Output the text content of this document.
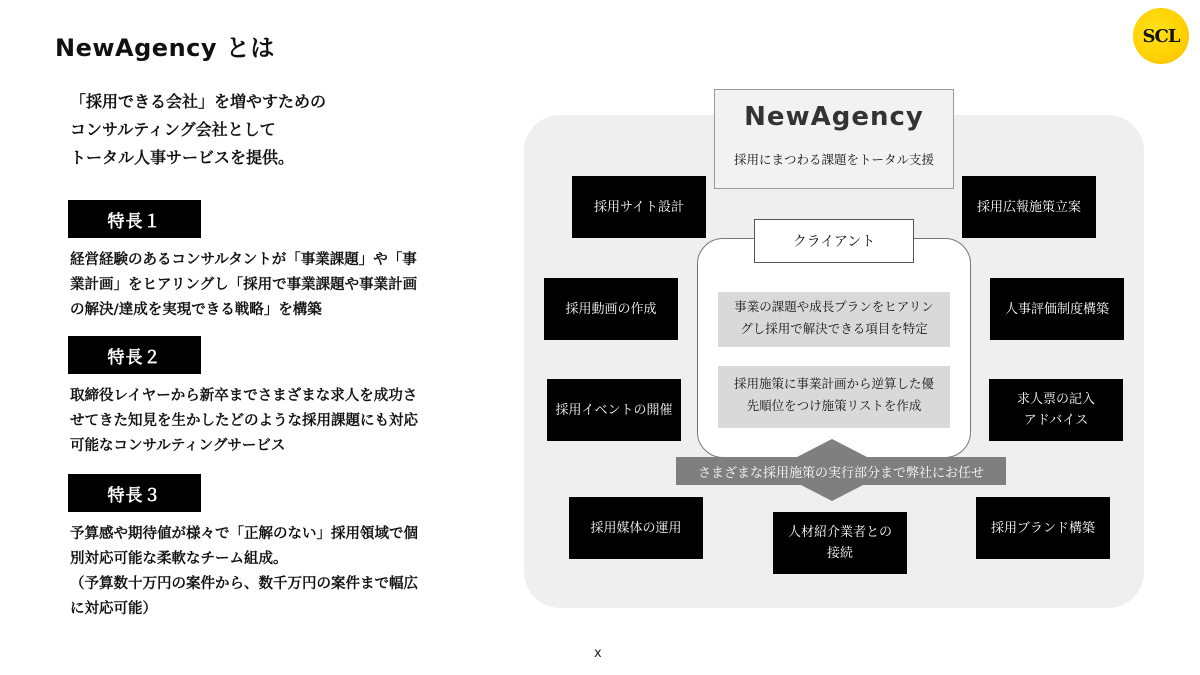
NewAgency とは	SCL
「採用できる会社」を増やすための
コンサルティング会社として
トータル人事サービスを提供。
特長１
経営経験のあるコンサルタントが「事業課題」や「事
業計画」をヒアリングし「採用で事業課題や事業計画
の解決/達成を実現できる戦略」を構築
特長２
取締役レイヤーから新卒までさまざまな求人を成功さ
せてきた知見を生かしたどのような採用課題にも対応
可能なコンサルティングサービス
特長３
予算感や期待値が様々で「正解のない」採用領域で個
別対応可能な柔軟なチーム組成。
（予算数十万円の案件から、数千万円の案件まで幅広
に対応可能）
NewAgency
採用にまつわる課題をトータル支援
クライアント
事業の課題や成長プランをヒアリン
グし採用で解決できる項目を特定
採用施策に事業計画から逆算した優
先順位をつけ施策リストを作成
さまざまな採用施策の実行部分まで弊社にお任せ
採用サイト設計	採用広報施策立案
採用動画の作成	人事評価制度構築
採用イベントの開催
求人票の記入
アドバイス
採用媒体の運用	人材紹介業者との
接続
採用ブランド構築
x
